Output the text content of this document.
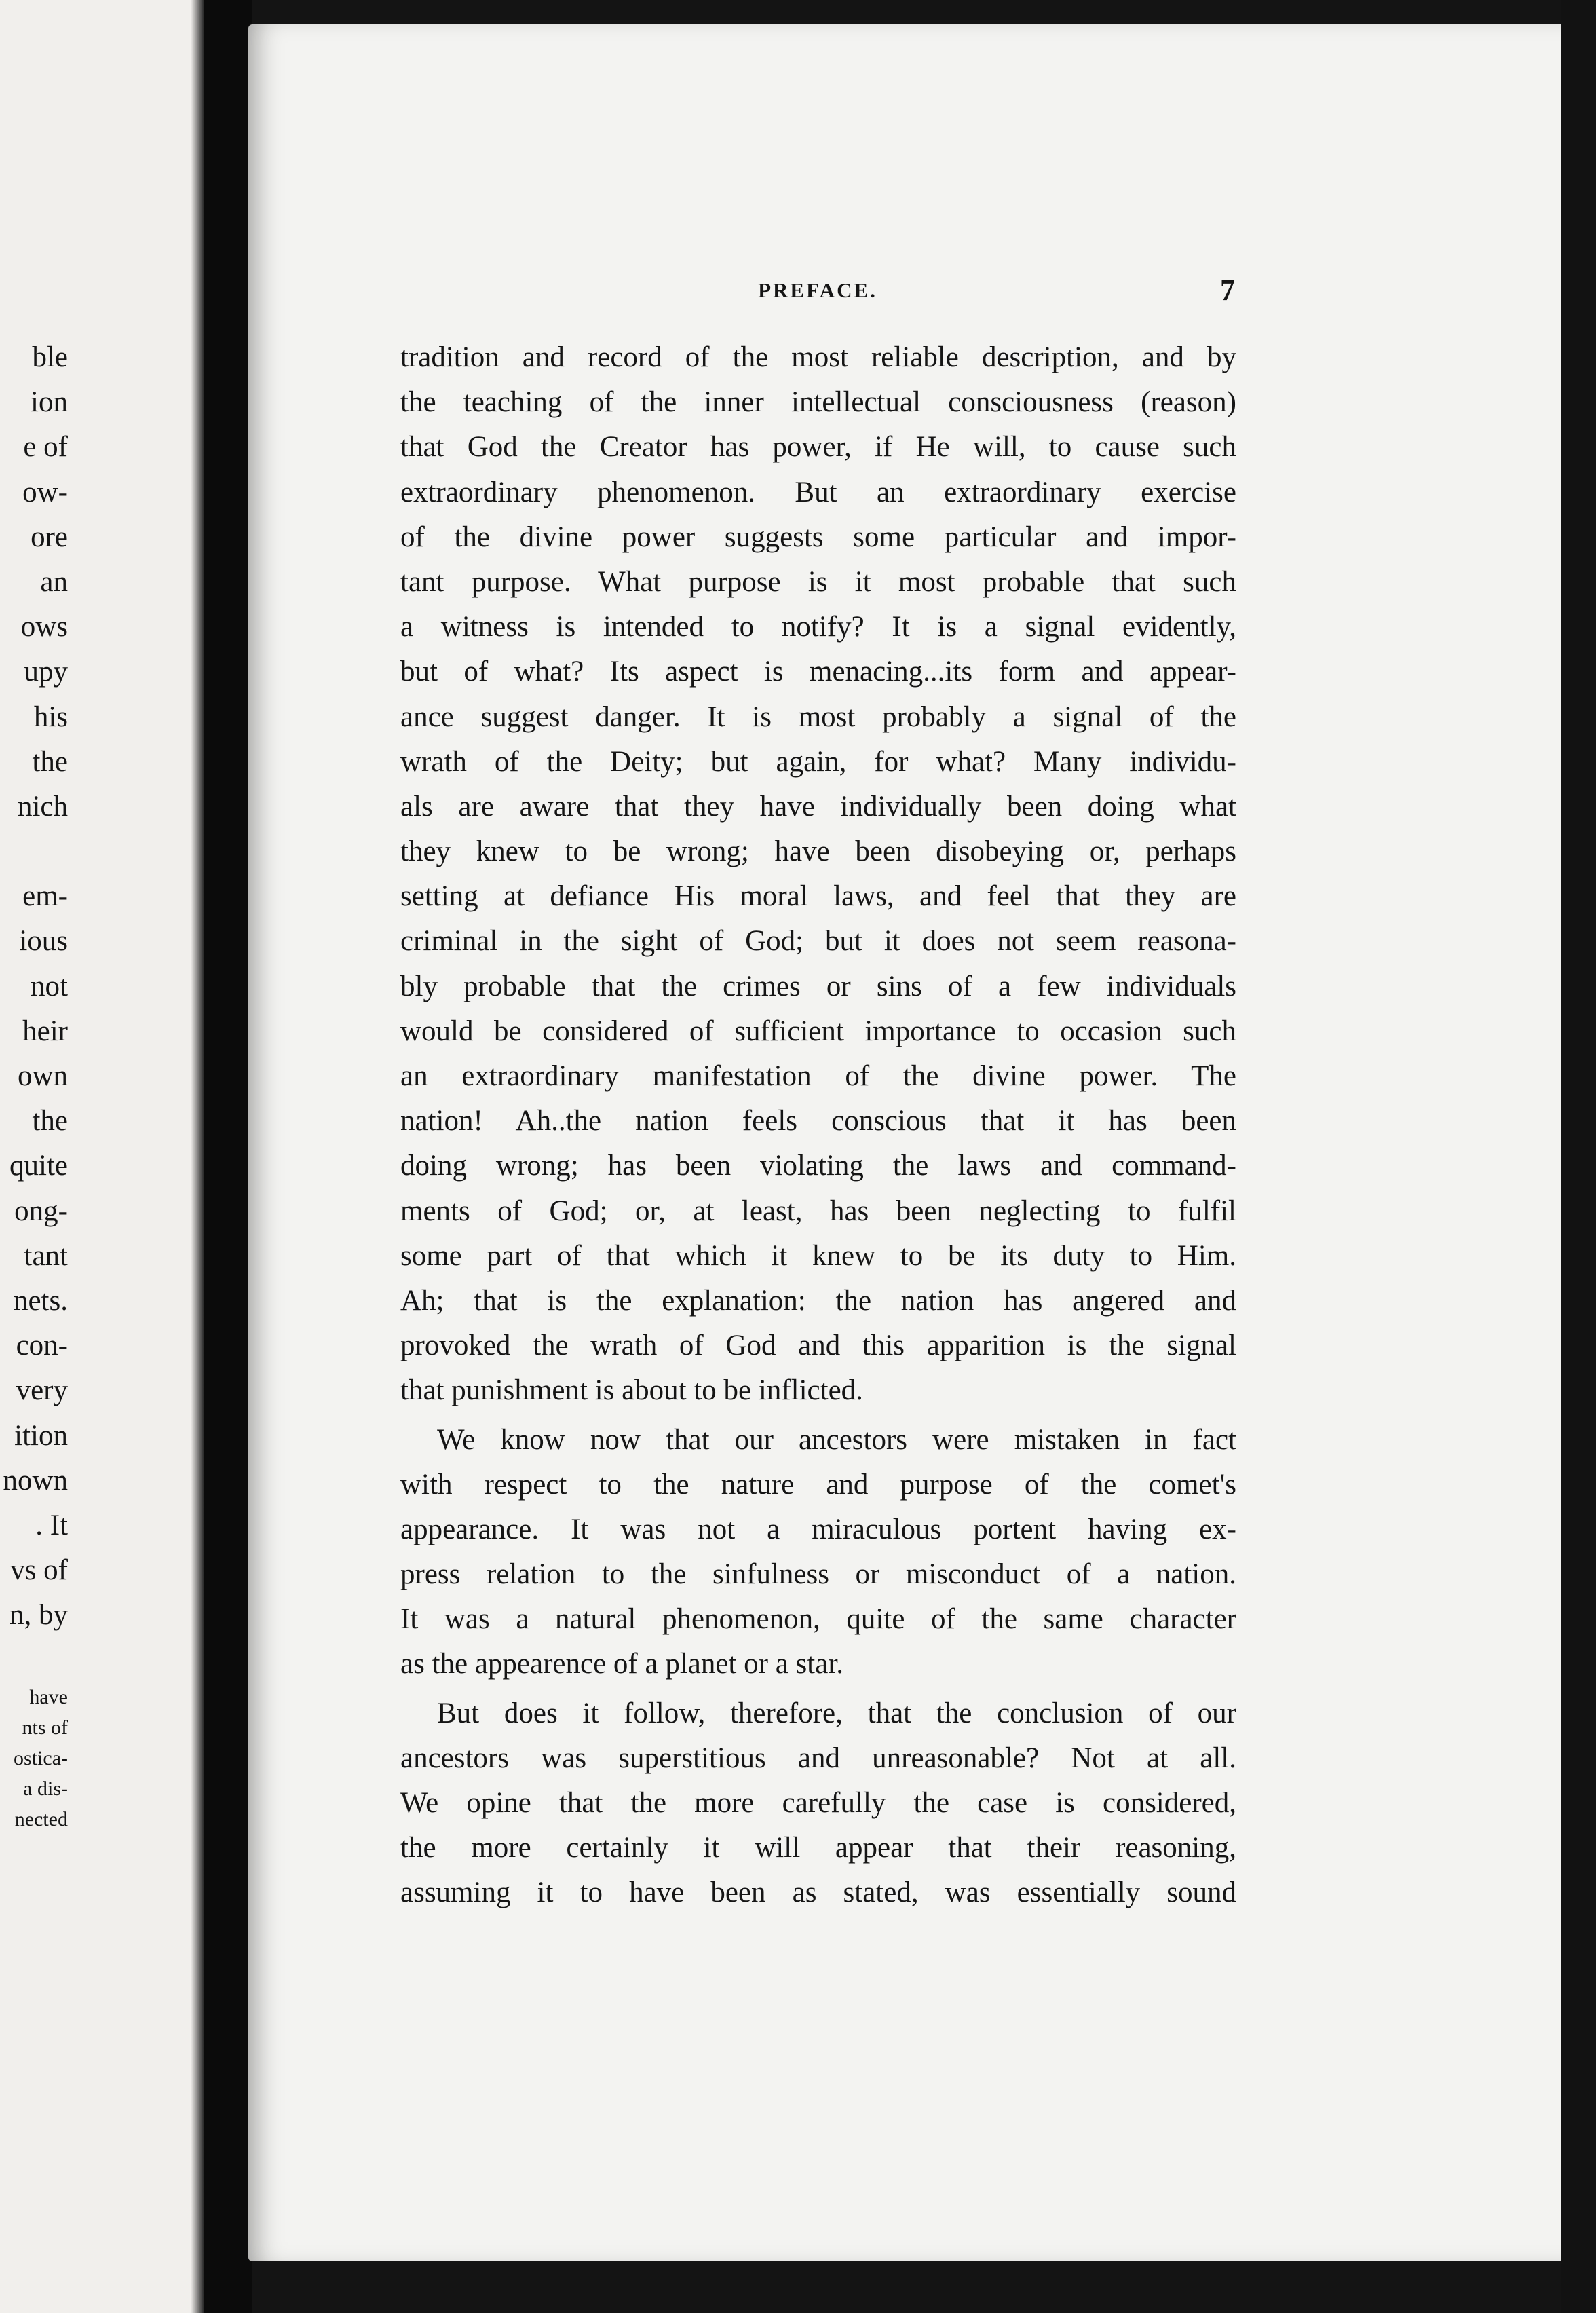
ble
ion
e of
ow-
ore
an
ows
upy
his
the
nich
em-
ious
not
heir
own
the
quite
ong-
tant
nets.
con-
very
ition
nown
. It
vs of
n, by
have
nts of
ostica-
a dis-
nected
PREFACE.	7
tradition and record of the most reliable description, and by
the teaching of the inner intellectual consciousness (reason)
that God the Creator has power, if He will, to cause such
extraordinary phenomenon. But an extraordinary exercise
of the divine power suggests some particular and impor-
tant purpose. What purpose is it most probable that such
a witness is intended to notify? It is a signal evidently,
but of what? Its aspect is menacing...its form and appear-
ance suggest danger. It is most probably a signal of the
wrath of the Deity; but again, for what? Many individu-
als are aware that they have individually been doing what
they knew to be wrong; have been disobeying or, perhaps
setting at defiance His moral laws, and feel that they are
criminal in the sight of God; but it does not seem reasona-
bly probable that the crimes or sins of a few individuals
would be considered of sufficient importance to occasion such
an extraordinary manifestation of the divine power. The
nation! Ah..the nation feels conscious that it has been
doing wrong; has been violating the laws and command-
ments of God; or, at least, has been neglecting to fulfil
some part of that which it knew to be its duty to Him.
Ah; that is the explanation: the nation has angered and
provoked the wrath of God and this apparition is the signal
that punishment is about to be inflicted.
We know now that our ancestors were mistaken in fact
with respect to the nature and purpose of the comet's
appearance. It was not a miraculous portent having ex-
press relation to the sinfulness or misconduct of a nation.
It was a natural phenomenon, quite of the same character
as the appearence of a planet or a star.
But does it follow, therefore, that the conclusion of our
ancestors was superstitious and unreasonable? Not at all.
We opine that the more carefully the case is considered,
the more certainly it will appear that their reasoning,
assuming it to have been as stated, was essentially sound
